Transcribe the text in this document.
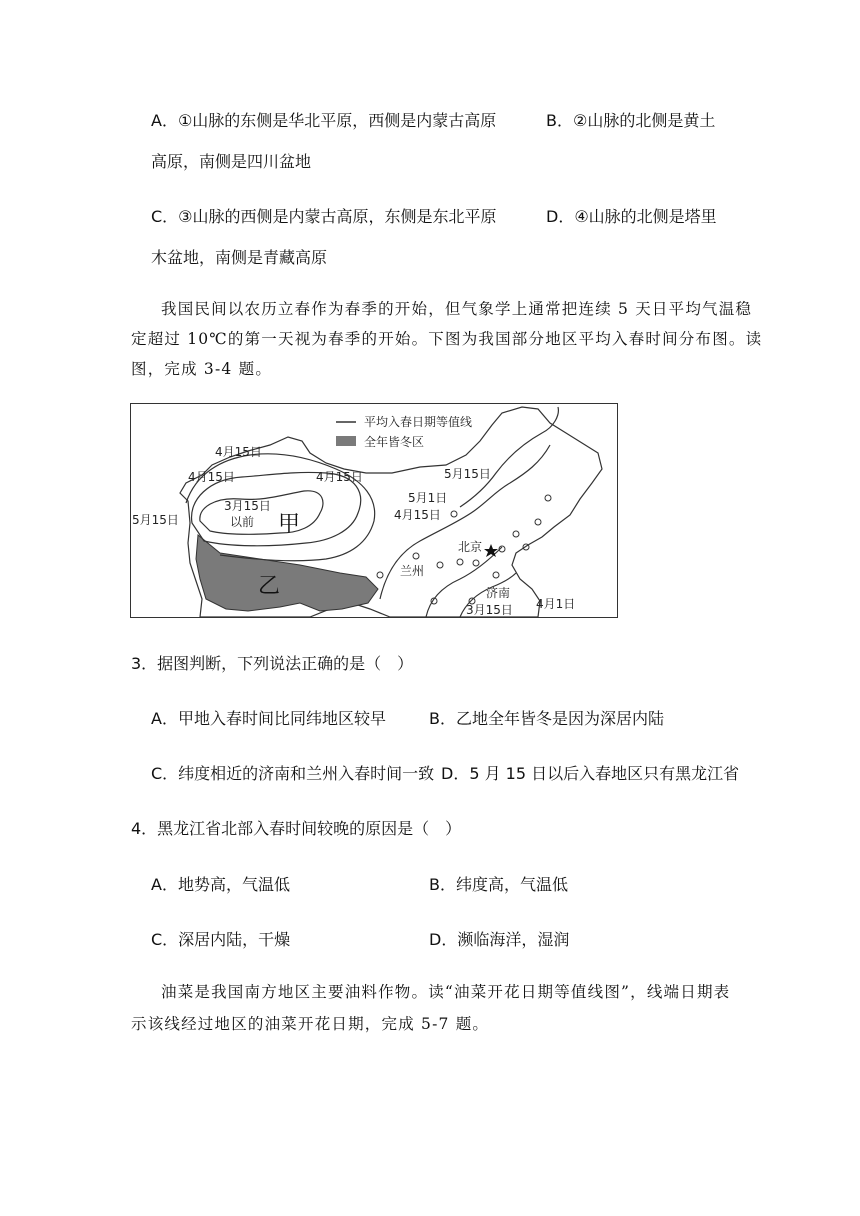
A．①山脉的东侧是华北平原，西侧是内蒙古高原	B．②山脉的北侧是黄土
高原，南侧是四川盆地
C．③山脉的西侧是内蒙古高原，东侧是东北平原	D．④山脉的北侧是塔里
木盆地，南侧是青藏高原
我国民间以农历立春作为春季的开始，但气象学上通常把连续 5 天日平均气温稳
定超过 10℃的第一天视为春季的开始。下图为我国部分地区平均入春时间分布图。读
图，完成 3-4 题。
平均入春日期等值线
全年皆冬区
4月15日
4月15日	4月15日
4月15日
3月15日
以前
5月15日
5月15日
5月1日
3月15日 4月1日
甲
乙
北京
兰州
济南
3．据图判断，下列说法正确的是（　）
A．甲地入春时间比同纬地区较早	B．乙地全年皆冬是因为深居内陆
C．纬度相近的济南和兰州入春时间一致 D．5 月 15 日以后入春地区只有黑龙江省
4．黑龙江省北部入春时间较晚的原因是（　）
A．地势高，气温低	B．纬度高，气温低
C．深居内陆，干燥	D．濒临海洋，湿润
油菜是我国南方地区主要油料作物。读“油菜开花日期等值线图”，线端日期表
示该线经过地区的油菜开花日期，完成 5-7 题。
